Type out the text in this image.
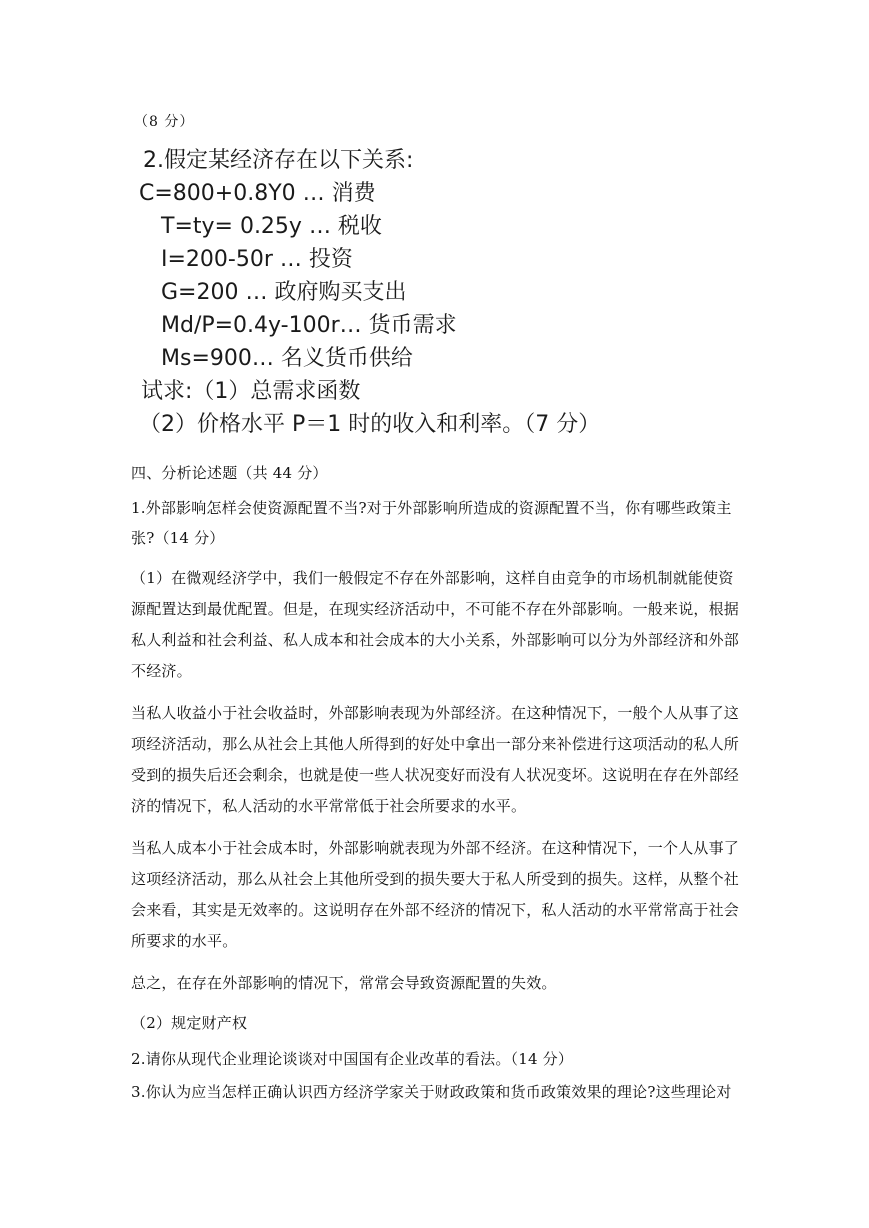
（8 分）
2.假定某经济存在以下关系:
C=800+0.8Y0 … 消费
T=ty= 0.25y … 税收
I=200-50r … 投资
G=200 … 政府购买支出
Md/P=0.4y-100r… 货币需求
Ms=900… 名义货币供给
试求:（1）总需求函数
（2）价格水平 P＝1 时的收入和利率。（7 分）
四、分析论述题（共 44 分）
1.外部影响怎样会使资源配置不当?对于外部影响所造成的资源配置不当，你有哪些政策主
张?（14 分）
（1）在微观经济学中，我们一般假定不存在外部影响，这样自由竞争的市场机制就能使资
源配置达到最优配置。但是，在现实经济活动中，不可能不存在外部影响。一般来说，根据
私人利益和社会利益、私人成本和社会成本的大小关系，外部影响可以分为外部经济和外部
不经济。
当私人收益小于社会收益时，外部影响表现为外部经济。在这种情况下，一般个人从事了这
项经济活动，那么从社会上其他人所得到的好处中拿出一部分来补偿进行这项活动的私人所
受到的损失后还会剩余，也就是使一些人状况变好而没有人状况变坏。这说明在存在外部经
济的情况下，私人活动的水平常常低于社会所要求的水平。
当私人成本小于社会成本时，外部影响就表现为外部不经济。在这种情况下，一个人从事了
这项经济活动，那么从社会上其他所受到的损失要大于私人所受到的损失。这样，从整个社
会来看，其实是无效率的。这说明存在外部不经济的情况下，私人活动的水平常常高于社会
所要求的水平。
总之，在存在外部影响的情况下，常常会导致资源配置的失效。
（2）规定财产权
2.请你从现代企业理论谈谈对中国国有企业改革的看法。（14 分）
3.你认为应当怎样正确认识西方经济学家关于财政政策和货币政策效果的理论?这些理论对
